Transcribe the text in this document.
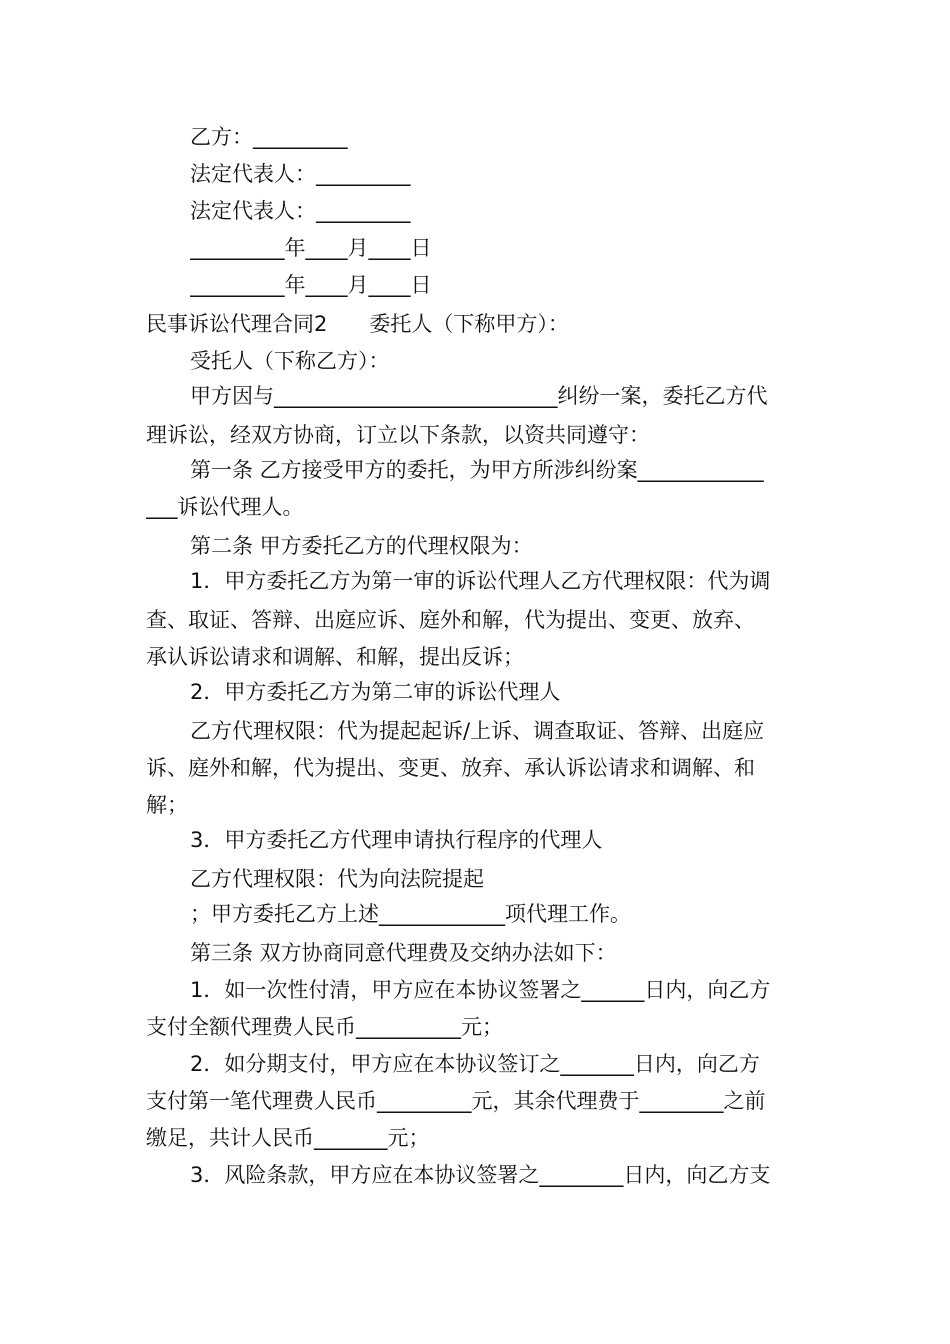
乙方：_________
法定代表人：_________
法定代表人：_________
_________年____月____日
_________年____月____日
民事诉讼代理合同2　　委托人（下称甲方）：
受托人（下称乙方）：
甲方因与___________________________纠纷一案，委托乙方代
理诉讼，经双方协商，订立以下条款，以资共同遵守：
第一条 乙方接受甲方的委托，为甲方所涉纠纷案____________
___诉讼代理人。
第二条 甲方委托乙方的代理权限为：
1．甲方委托乙方为第一审的诉讼代理人乙方代理权限：代为调
查、取证、答辩、出庭应诉、庭外和解，代为提出、变更、放弃、
承认诉讼请求和调解、和解，提出反诉；
2．甲方委托乙方为第二审的诉讼代理人
乙方代理权限：代为提起起诉/上诉、调查取证、答辩、出庭应
诉、庭外和解，代为提出、变更、放弃、承认诉讼请求和调解、和
解；
3．甲方委托乙方代理申请执行程序的代理人
乙方代理权限：代为向法院提起
；甲方委托乙方上述____________项代理工作。
第三条 双方协商同意代理费及交纳办法如下：
1．如一次性付清，甲方应在本协议签署之______日内，向乙方
支付全额代理费人民币__________元；
2．如分期支付，甲方应在本协议签订之_______日内，向乙方
支付第一笔代理费人民币_________元，其余代理费于________之前
缴足，共计人民币_______元；
3．风险条款，甲方应在本协议签署之________日内，向乙方支
